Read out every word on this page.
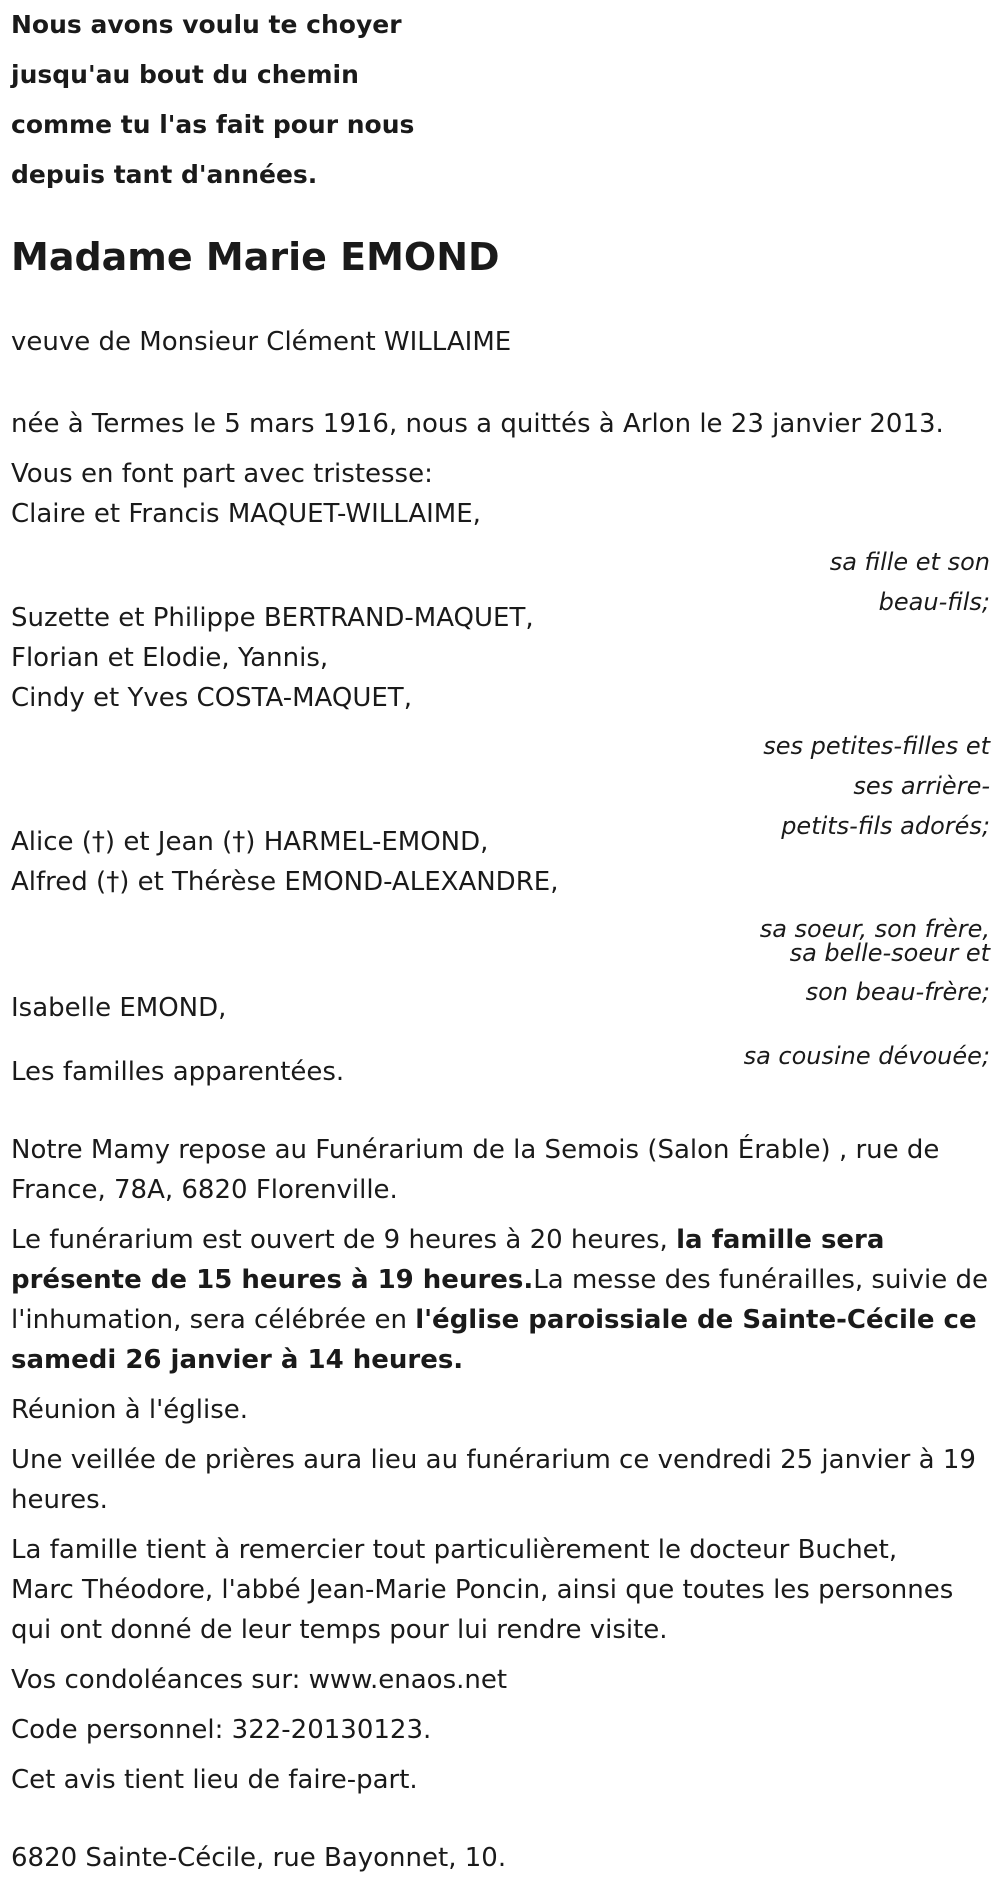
Nous avons voulu te choyer

jusqu'au bout du chemin

comme tu l'as fait pour nous

depuis tant d'années.

Madame Marie EMOND

veuve de Monsieur Clément WILLAIME

née à Termes le 5 mars 1916, nous a quittés à Arlon le 23 janvier 2013.

Vous en font part avec tristesse:

Claire et Francis MAQUET-WILLAIME,

sa fille et son

beau-fils;

Suzette et Philippe BERTRAND-MAQUET,

Florian et Elodie, Yannis,

Cindy et Yves COSTA-MAQUET,

ses petites-filles et

ses arrière-

petits-fils adorés;

Alice (†) et Jean (†) HARMEL-EMOND,

Alfred (†) et Thérèse EMOND-ALEXANDRE,

sa soeur, son frère,

sa belle-soeur et

son beau-frère;

Isabelle EMOND,

sa cousine dévouée;

Les familles apparentées.

Notre Mamy repose au Funérarium de la Semois (Salon Érable) , rue de

France, 78A, 6820 Florenville.

Le funérarium est ouvert de 9 heures à 20 heures, la famille sera

présente de 15 heures à 19 heures.La messe des funérailles, suivie de

l'inhumation, sera célébrée en l'église paroissiale de Sainte-Cécile ce

samedi 26 janvier à 14 heures.

Réunion à l'église.

Une veillée de prières aura lieu au funérarium ce vendredi 25 janvier à 19

heures.

La famille tient à remercier tout particulièrement le docteur Buchet,

Marc Théodore, l'abbé Jean-Marie Poncin, ainsi que toutes les personnes

qui ont donné de leur temps pour lui rendre visite.

Vos condoléances sur: www.enaos.net

Code personnel: 322-20130123.

Cet avis tient lieu de faire-part.

6820 Sainte-Cécile, rue Bayonnet, 10.
